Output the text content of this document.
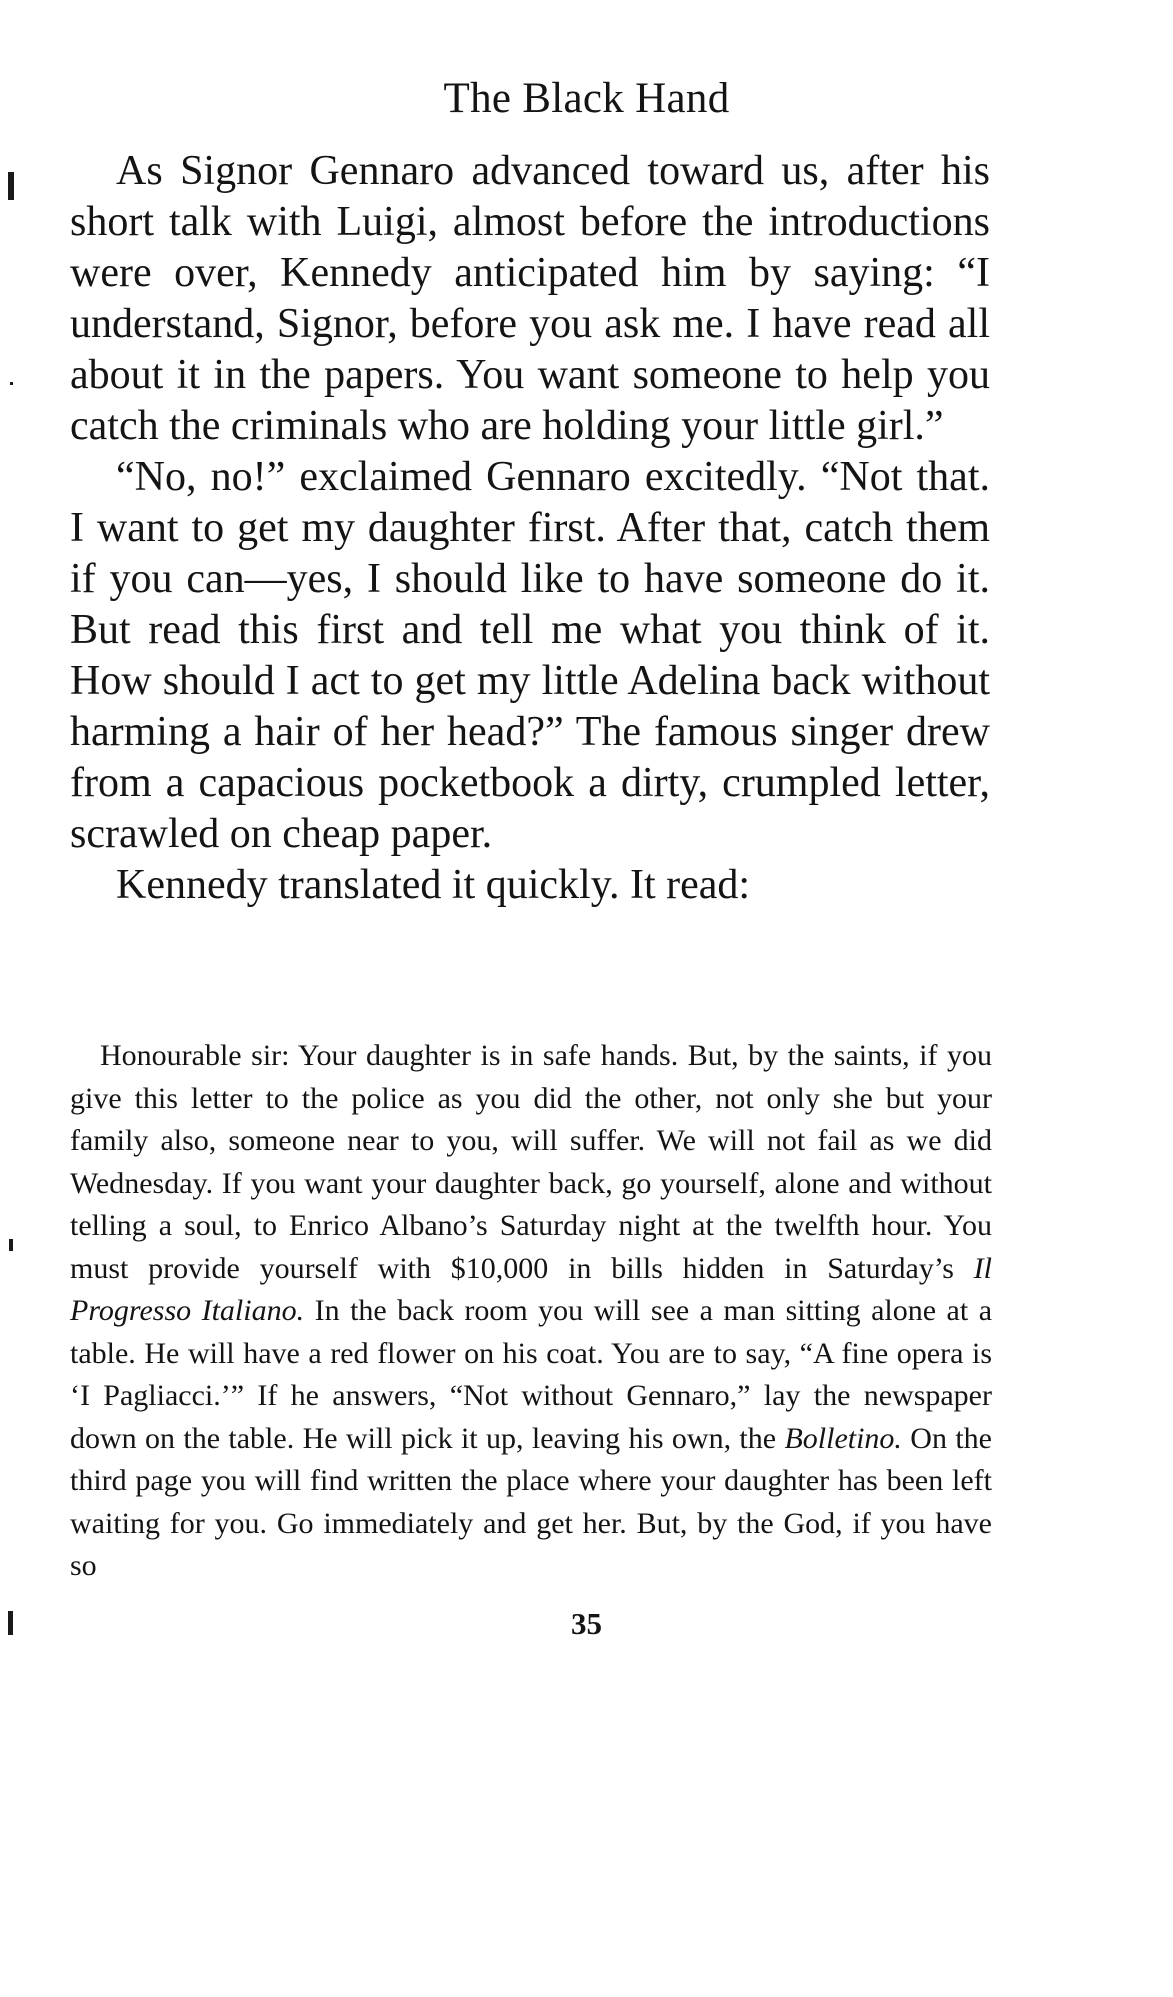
The Black Hand

As Signor Gennaro advanced toward us, after his short talk with Luigi, almost before the introductions were over, Kennedy anticipated him by saying: “I understand, Signor, before you ask me. I have read all about it in the papers. You want someone to help you catch the criminals who are holding your little girl.”

“No, no!” exclaimed Gennaro excitedly. “Not that. I want to get my daughter first. After that, catch them if you can—yes, I should like to have someone do it. But read this first and tell me what you think of it. How should I act to get my little Adelina back without harming a hair of her head?” The famous singer drew from a capacious pocketbook a dirty, crumpled letter, scrawled on cheap paper.

Kennedy translated it quickly. It read:

Honourable sir: Your daughter is in safe hands. But, by the saints, if you give this letter to the police as you did the other, not only she but your family also, someone near to you, will suffer. We will not fail as we did Wednesday. If you want your daughter back, go yourself, alone and without telling a soul, to Enrico Albano’s Saturday night at the twelfth hour. You must provide yourself with $10,000 in bills hidden in Saturday’s Il Progresso Italiano. In the back room you will see a man sitting alone at a table. He will have a red flower on his coat. You are to say, “A fine opera is ‘I Pagliacci.’” If he answers, “Not without Gennaro,” lay the newspaper down on the table. He will pick it up, leaving his own, the Bolletino. On the third page you will find written the place where your daughter has been left waiting for you. Go immediately and get her. But, by the God, if you have so

35
